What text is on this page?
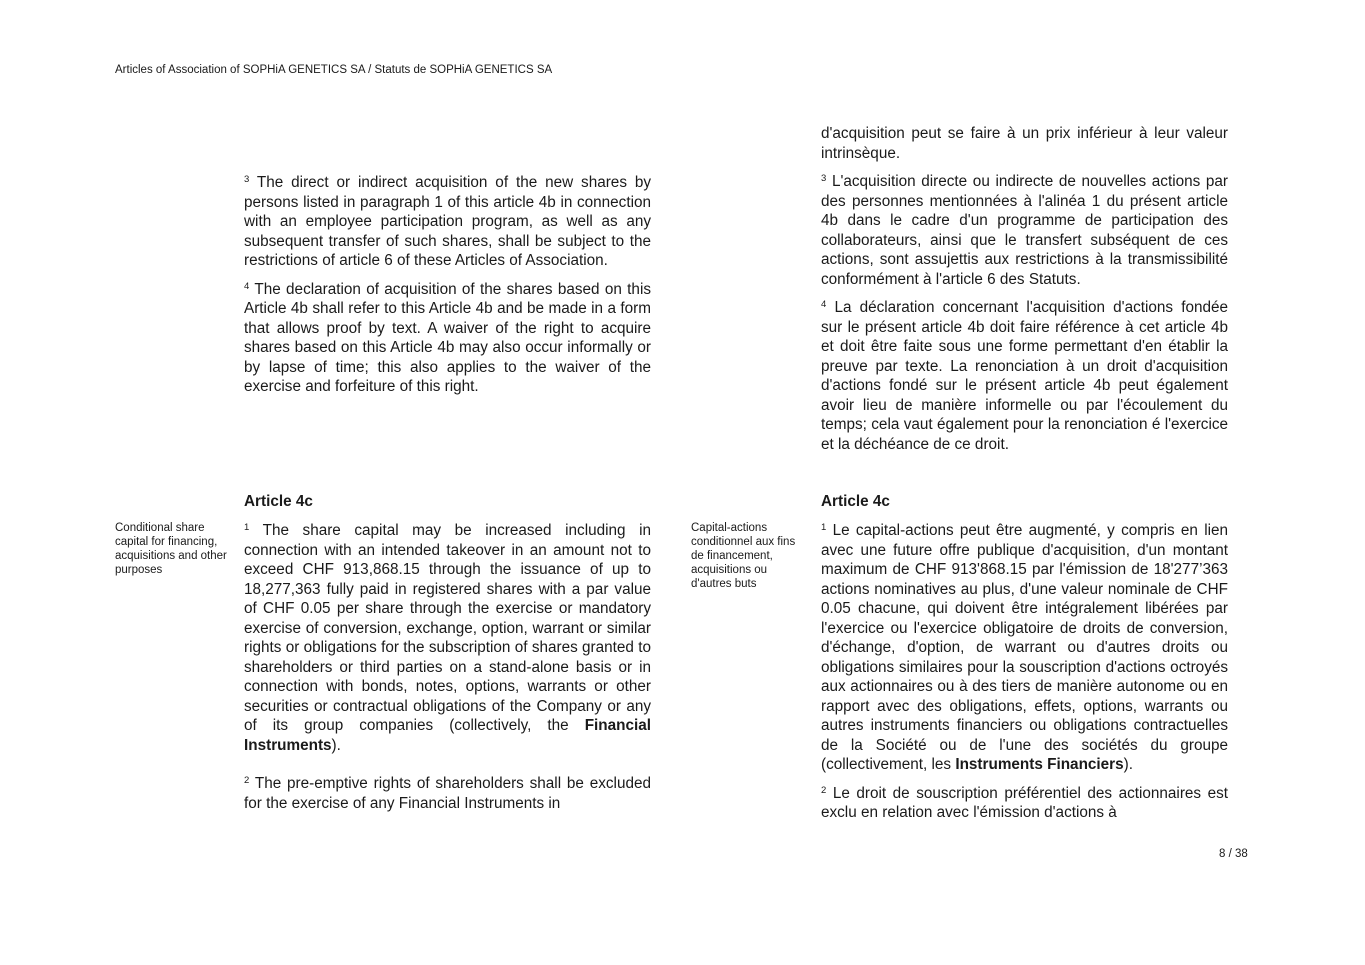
Articles of Association of SOPHiA GENETICS SA / Statuts de SOPHiA GENETICS SA

$^3$ The direct or indirect acquisition of the new shares by persons listed in paragraph 1 of this article 4b in connection with an employee participation program, as well as any subsequent transfer of such shares, shall be subject to the restrictions of article 6 of these Articles of Association.

$^4$ The declaration of acquisition of the shares based on this Article 4b shall refer to this Article 4b and be made in a form that allows proof by text. A waiver of the right to acquire shares based on this Article 4b may also occur informally or by lapse of time; this also applies to the waiver of the exercise and forfeiture of this right.

d'acquisition peut se faire à un prix inférieur à leur valeur intrinsèque.

$^3$ L'acquisition directe ou indirecte de nouvelles actions par des personnes mentionnées à l'alinéa 1 du présent article 4b dans le cadre d'un programme de participation des collaborateurs, ainsi que le transfert subséquent de ces actions, sont assujettis aux restrictions à la transmissibilité conformément à l'article 6 des Statuts.

$^4$ La déclaration concernant l'acquisition d'actions fondée sur le présent article 4b doit faire référence à cet article 4b et doit être faite sous une forme permettant d'en établir la preuve par texte. La renonciation à un droit d'acquisition d'actions fondé sur le présent article 4b peut également avoir lieu de manière informelle ou par l'écoulement du temps; cela vaut également pour la renonciation é l'exercice et la déchéance de ce droit.

Article 4c
Conditional share capital for financing, acquisitions and other purposes

$^1$ The share capital may be increased including in connection with an intended takeover in an amount not to exceed CHF 913,868.15 through the issuance of up to 18,277,363 fully paid in registered shares with a par value of CHF 0.05 per share through the exercise or mandatory exercise of conversion, exchange, option, warrant or similar rights or obligations for the subscription of shares granted to shareholders or third parties on a stand-alone basis or in connection with bonds, notes, options, warrants or other securities or contractual obligations of the Company or any of its group companies (collectively, the Financial Instruments).

$^2$ The pre-emptive rights of shareholders shall be excluded for the exercise of any Financial Instruments in

Article 4c
Capital-actions conditionnel aux fins de financement, acquisitions ou d'autres buts

$^1$ Le capital-actions peut être augmenté, y compris en lien avec une future offre publique d'acquisition, d'un montant maximum de CHF 913'868.15 par l'émission de 18'277’363 actions nominatives au plus, d'une valeur nominale de CHF 0.05 chacune, qui doivent être intégralement libérées par l'exercice ou l'exercice obligatoire de droits de conversion, d'échange, d'option, de warrant ou d'autres droits ou obligations similaires pour la souscription d'actions octroyés aux actionnaires ou à des tiers de manière autonome ou en rapport avec des obligations, effets, options, warrants ou autres instruments financiers ou obligations contractuelles de la Société ou de l'une des sociétés du groupe (collectivement, les Instruments Financiers).

$^2$ Le droit de souscription préférentiel des actionnaires est exclu en relation avec l'émission d'actions à

8 / 38
